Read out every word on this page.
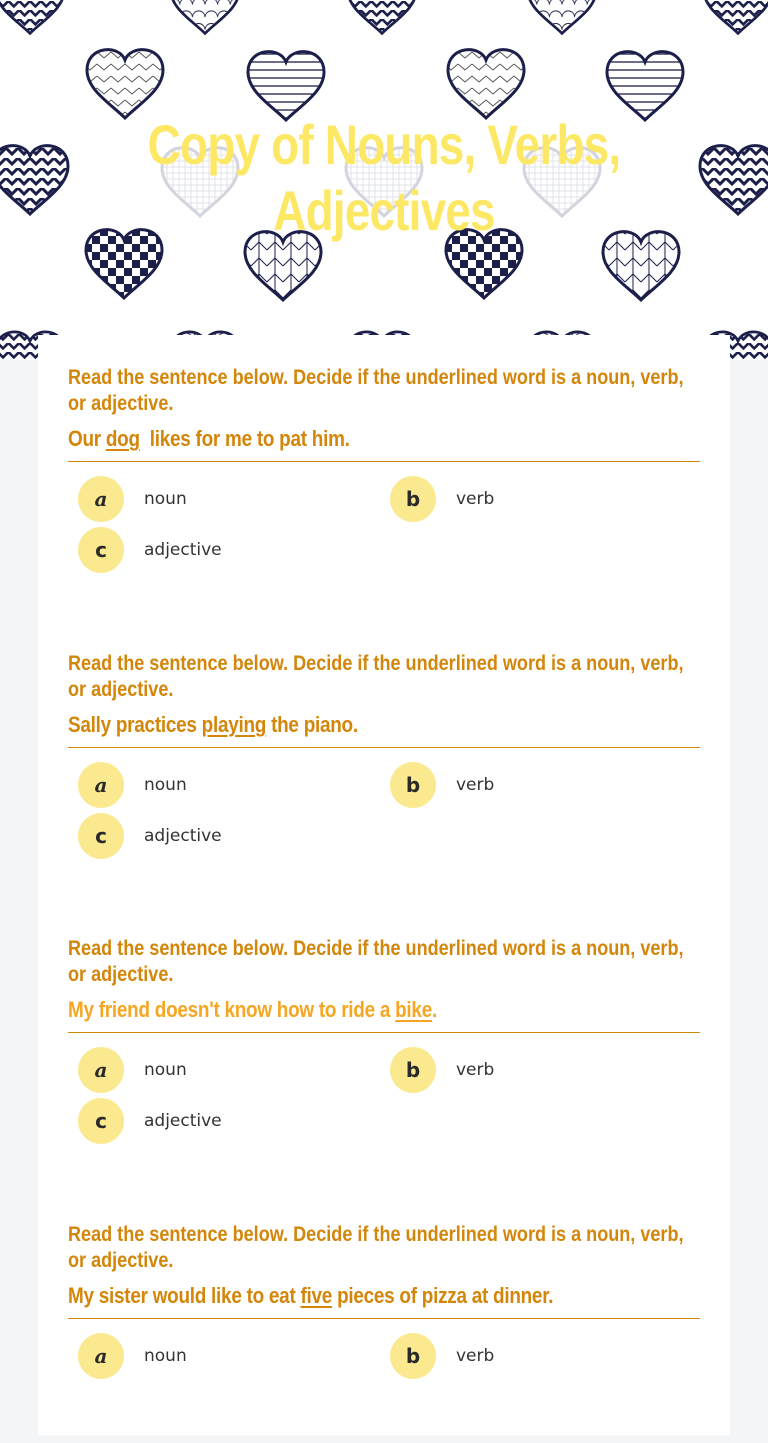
Copy of Nouns, Verbs, Adjectives
Read the sentence below. Decide if the underlined word is a noun, verb, or adjective.
Our dog  likes for me to pat him.
a	noun	b	verb
c	adjective
Read the sentence below. Decide if the underlined word is a noun, verb, or adjective.
Sally practices playing the piano.
a	noun	b	verb
c	adjective
Read the sentence below. Decide if the underlined word is a noun, verb, or adjective.
My friend doesn't know how to ride a bike.
a	noun	b	verb
c	adjective
Read the sentence below. Decide if the underlined word is a noun, verb, or adjective.
My sister would like to eat five pieces of pizza at dinner.
a	noun	b	verb
